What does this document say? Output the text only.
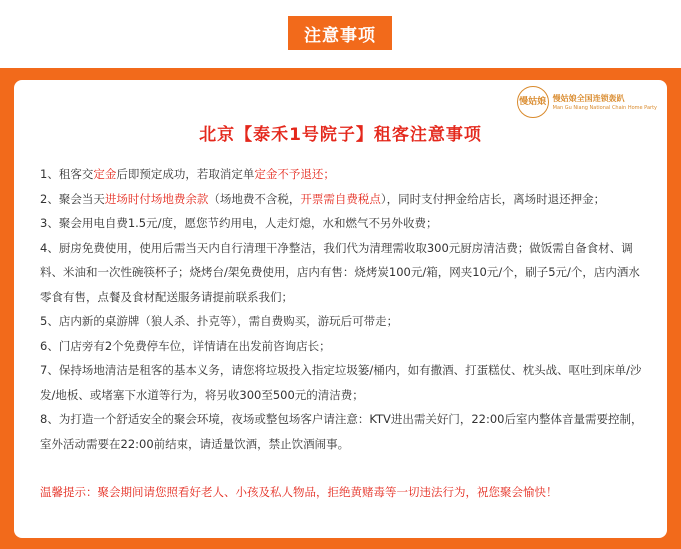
注意事项
慢姑娘 慢姑娘全国连锁轰趴
Man Gu Niang National Chain Home Party
北京【泰禾1号院子】租客注意事项

1、租客交定金后即预定成功，若取消定单定金不予退还；

2、聚会当天进场时付场地费余款（场地费不含税，开票需自费税点），同时支付押金给店长，离场时退还押金；

3、聚会用电自费1.5元/度，愿您节约用电，人走灯熄，水和燃气不另外收费；

4、厨房免费使用，使用后需当天内自行清理干净整洁，我们代为清理需收取300元厨房清洁费；做饭需自备食材、调料、米油和一次性碗筷杯子；烧烤台/架免费使用，店内有售：烧烤炭100元/箱，网夹10元/个，刷子5元/个，店内酒水零食有售，点餐及食材配送服务请提前联系我们；

5、店内新的桌游牌（狼人杀、扑克等），需自费购买，游玩后可带走；

6、门店旁有2个免费停车位，详情请在出发前咨询店长；

7、保持场地清洁是租客的基本义务，请您将垃圾投入指定垃圾篓/桶内，如有撒酒、打蛋糕仗、枕头战、呕吐到床单/沙发/地板、或堵塞下水道等行为，将另收300至500元的清洁费；

8、为打造一个舒适安全的聚会环境，夜场或整包场客户请注意：KTV进出需关好门，22:00后室内整体音量需要控制，室外活动需要在22:00前结束，请适量饮酒，禁止饮酒闹事。

温馨提示：聚会期间请您照看好老人、小孩及私人物品，拒绝黄赌毒等一切违法行为，祝您聚会愉快！
